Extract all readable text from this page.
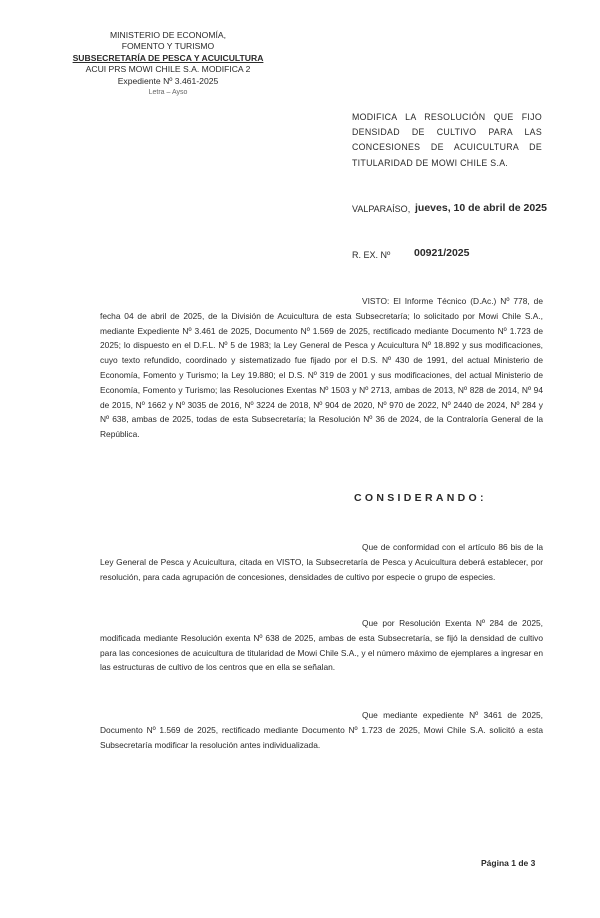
MINISTERIO DE ECONOMÍA,
FOMENTO Y TURISMO
SUBSECRETARÍA DE PESCA Y ACUICULTURA
ACUI PRS MOWI CHILE S.A. MODIFICA 2
Expediente Nº 3.461-2025
Letra – Ayso
MODIFICA LA RESOLUCIÓN QUE FIJO DENSIDAD DE CULTIVO PARA LAS CONCESIONES DE ACUICULTURA DE TITULARIDAD DE MOWI CHILE S.A.
VALPARAÍSO, jueves, 10 de abril de 2025
R. EX. Nº 00921/2025
VISTO: El Informe Técnico (D.Ac.) Nº 778, de fecha 04 de abril de 2025, de la División de Acuicultura de esta Subsecretaría; lo solicitado por Mowi Chile S.A., mediante Expediente Nº 3.461 de 2025, Documento Nº 1.569 de 2025, rectificado mediante Documento Nº 1.723 de 2025; lo dispuesto en el D.F.L. Nº 5 de 1983; la Ley General de Pesca y Acuicultura Nº 18.892 y sus modificaciones, cuyo texto refundido, coordinado y sistematizado fue fijado por el D.S. Nº 430 de 1991, del actual Ministerio de Economía, Fomento y Turismo; la Ley 19.880; el D.S. Nº 319 de 2001 y sus modificaciones, del actual Ministerio de Economía, Fomento y Turismo; las Resoluciones Exentas Nº 1503 y Nº 2713, ambas de 2013, Nº 828 de 2014, Nº 94 de 2015, Nº 1662 y Nº 3035 de 2016, Nº 3224 de 2018, Nº 904 de 2020, Nº 970 de 2022, Nº 2440 de 2024, Nº 284 y Nº 638, ambas de 2025, todas de esta Subsecretaría; la Resolución Nº 36 de 2024, de la Contraloría General de la República.
CONSIDERANDO:
Que de conformidad con el artículo 86 bis de la Ley General de Pesca y Acuicultura, citada en VISTO, la Subsecretaría de Pesca y Acuicultura deberá establecer, por resolución, para cada agrupación de concesiones, densidades de cultivo por especie o grupo de especies.
Que por Resolución Exenta Nº 284 de 2025, modificada mediante Resolución exenta Nº 638 de 2025, ambas de esta Subsecretaría, se fijó la densidad de cultivo para las concesiones de acuicultura de titularidad de Mowi Chile S.A., y el número máximo de ejemplares a ingresar en las estructuras de cultivo de los centros que en ella se señalan.
Que mediante expediente Nº 3461 de 2025, Documento Nº 1.569 de 2025, rectificado mediante Documento Nº 1.723 de 2025, Mowi Chile S.A. solicitó a esta Subsecretaría modificar la resolución antes individualizada.
Página 1 de 3
